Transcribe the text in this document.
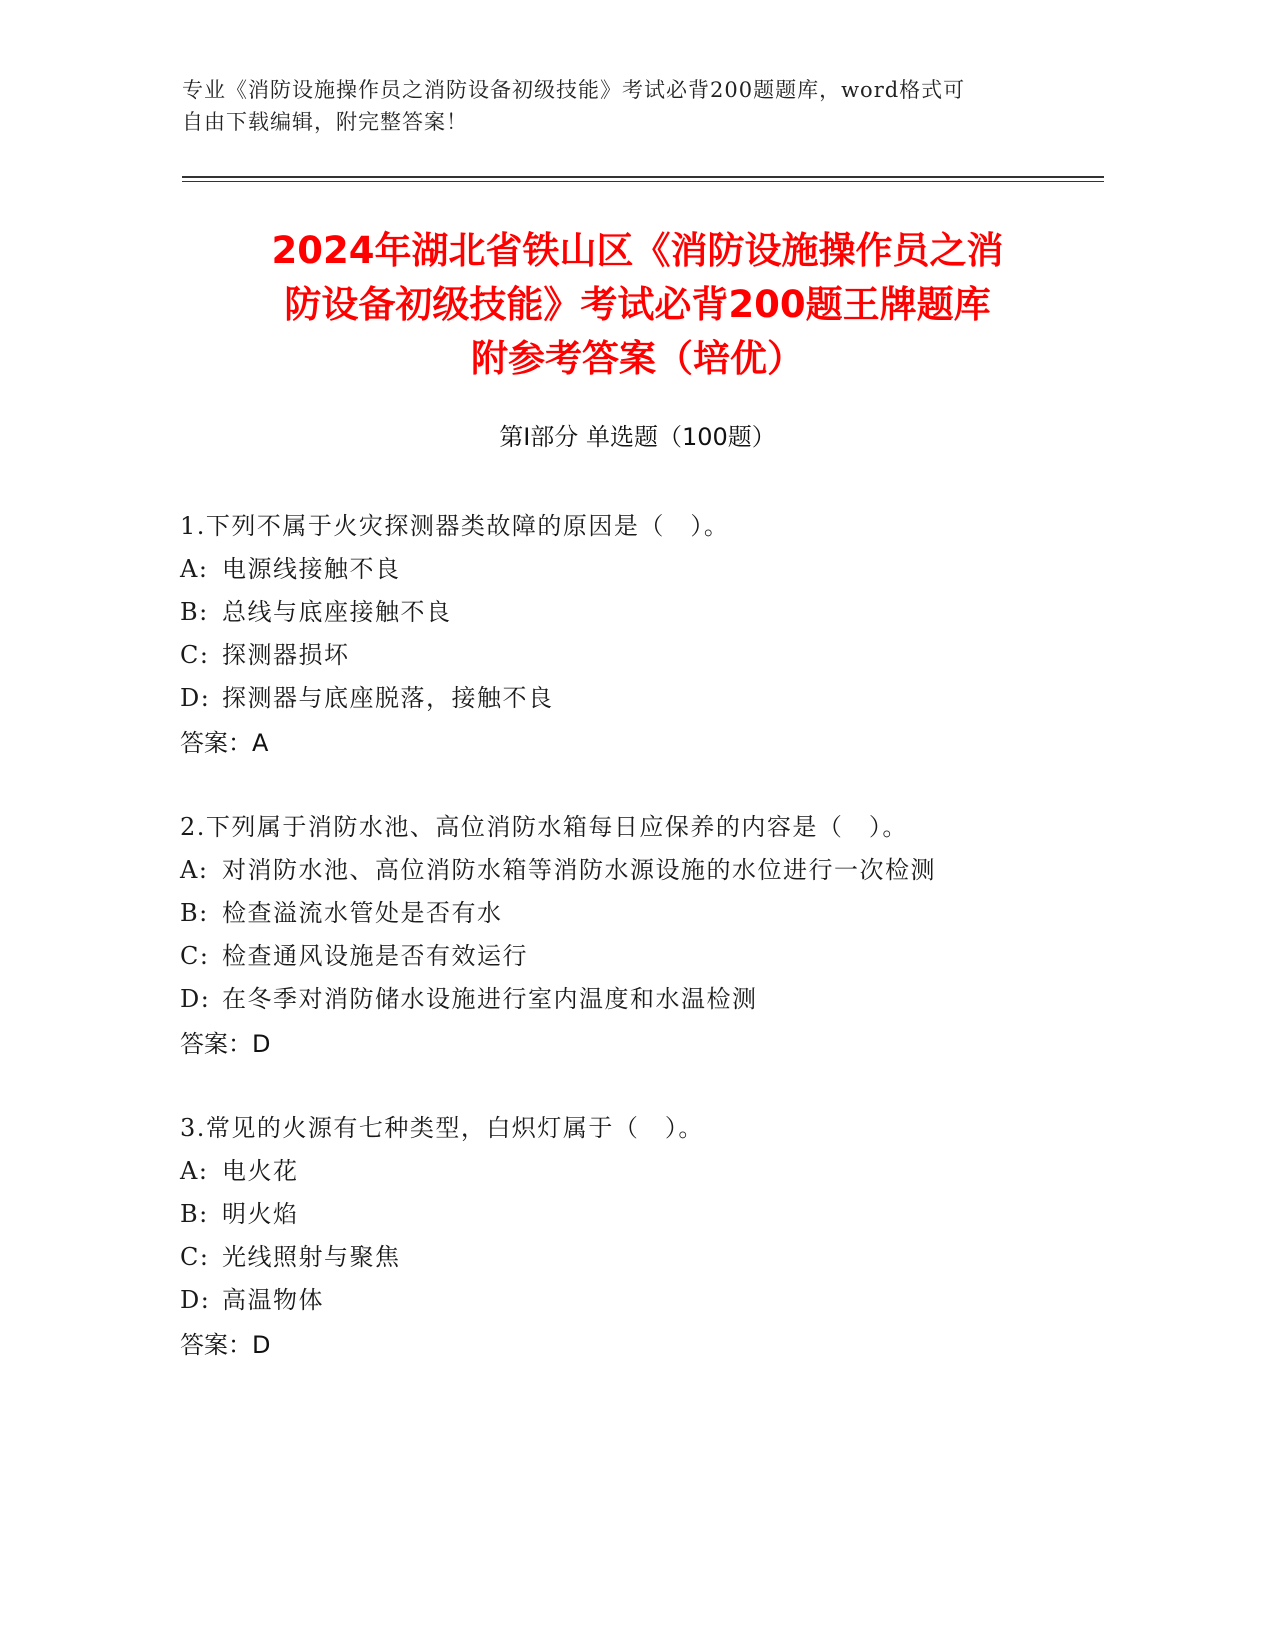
专业《消防设施操作员之消防设备初级技能》考试必背200题题库，word格式可
自由下载编辑，附完整答案！
2024年湖北省铁山区《消防设施操作员之消
防设备初级技能》考试必背200题王牌题库
附参考答案（培优）
第Ⅰ部分 单选题（100题）
1.下列不属于火灾探测器类故障的原因是（　）。
A: 电源线接触不良
B: 总线与底座接触不良
C: 探测器损坏
D: 探测器与底座脱落，接触不良
答案：A
2.下列属于消防水池、高位消防水箱每日应保养的内容是（　）。
A: 对消防水池、高位消防水箱等消防水源设施的水位进行一次检测
B: 检查溢流水管处是否有水
C: 检查通风设施是否有效运行
D: 在冬季对消防储水设施进行室内温度和水温检测
答案：D
3.常见的火源有七种类型，白炽灯属于（　）。
A: 电火花
B: 明火焰
C: 光线照射与聚焦
D: 高温物体
答案：D
